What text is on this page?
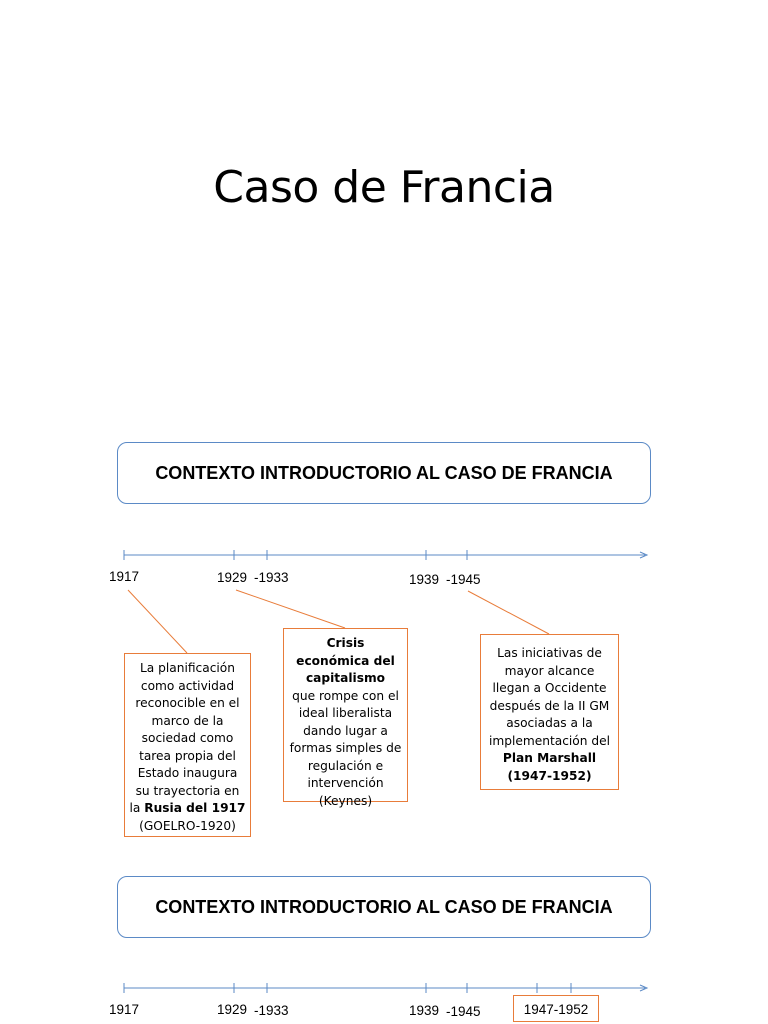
Caso de Francia
CONTEXTO INTRODUCTORIO AL CASO DE FRANCIA
1917	1929 -1933	1939 -1945
La planificación como actividad reconocible en el marco de la sociedad como tarea propia del Estado inaugura su trayectoria en la Rusia del 1917
(GOELRO-1920)
Crisis económica del capitalismo
que rompe con el ideal liberalista dando lugar a formas simples de regulación e intervención (Keynes)
Las iniciativas de mayor alcance llegan a Occidente después de la II GM asociadas a la implementación del Plan Marshall
(1947-1952)
CONTEXTO INTRODUCTORIO AL CASO DE FRANCIA
1917	1929 -1933	1939 -1945	1947-1952
